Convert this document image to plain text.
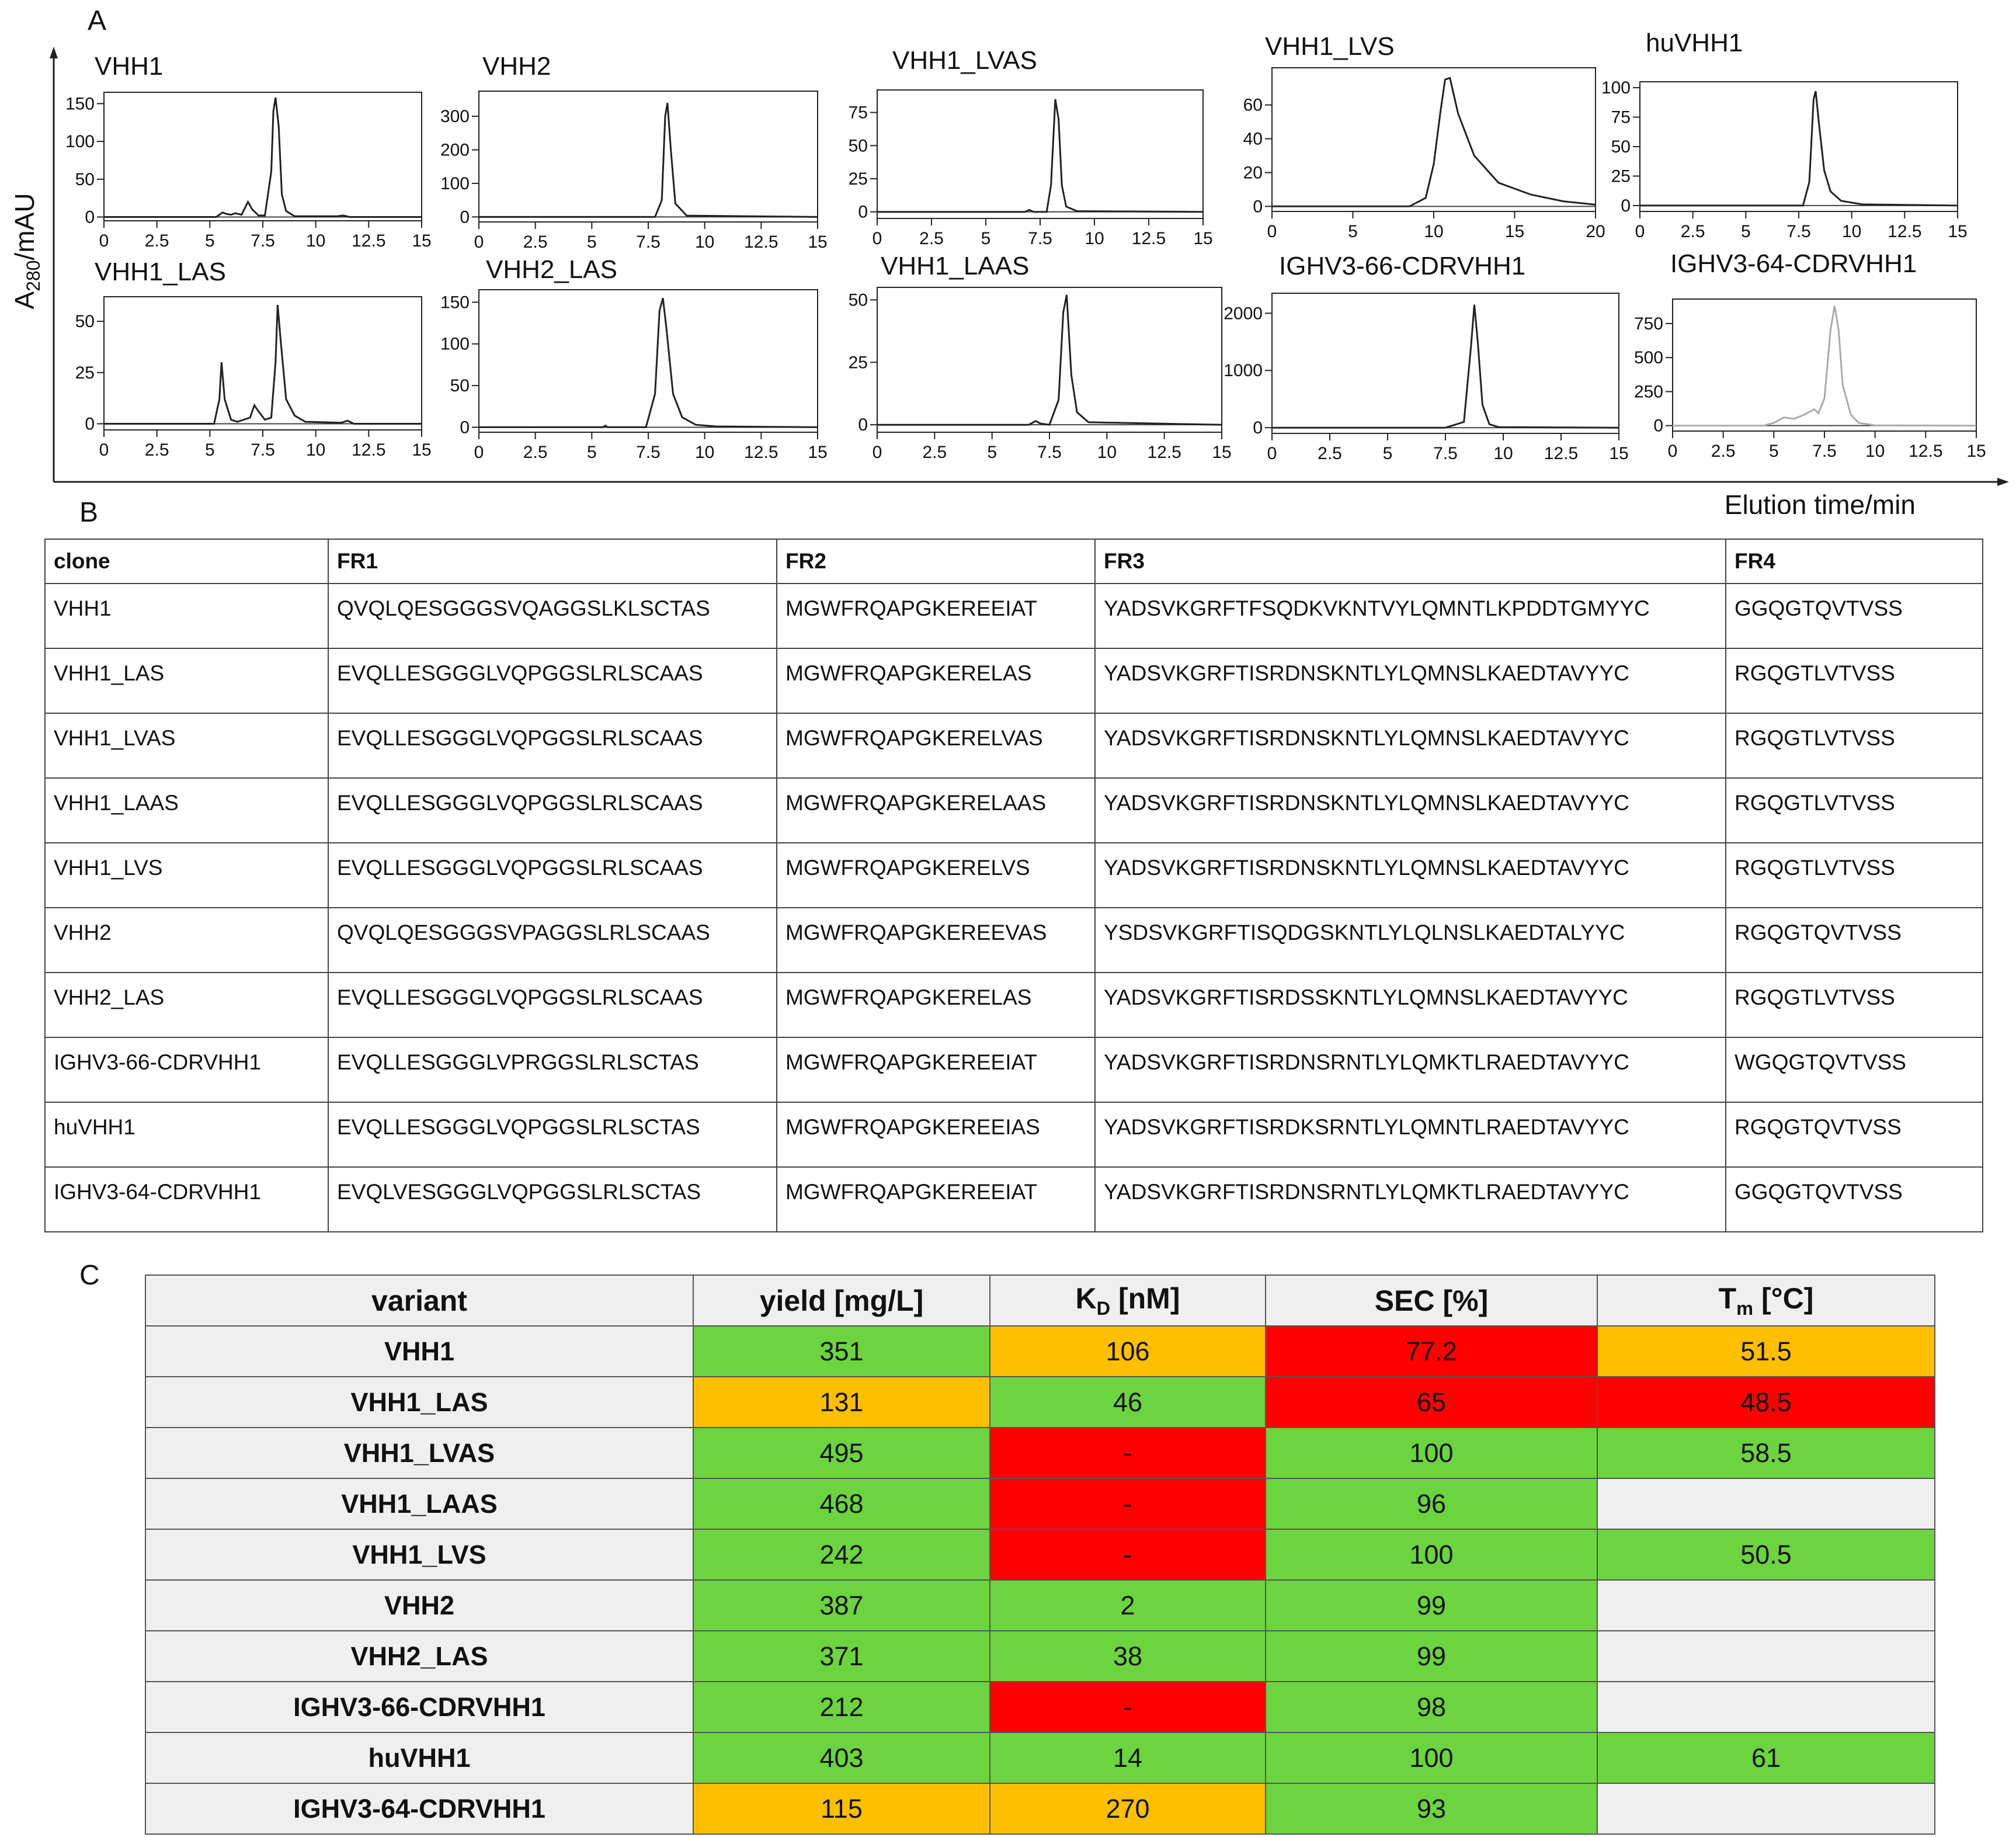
A
B
C
VHH1
0 2.5 5 7.5 10 12.5 15
0
50
100
150
VHH2
0 2.5 5 7.5 10 12.5 15
0
100
200
300
VHH1_LVAS
0 2.5 5 7.5 10 12.5 15
0
25
50
75
VHH1_LVS
0	5	10	15	20
0
20
40
60
huVHH1
0 2.5 5 7.5 10 12.5 15
0
25
50
75
100
VHH1_LAS
0 2.5 5 7.5 10 12.5 15
0
25
50
VHH2_LAS
0 2.5 5 7.5 10 12.5 15
0
50
100
150
VHH1_LAAS
0 2.5 5 7.5 10 12.5 15
0
25
50
IGHV3-66-CDRVHH1
0 2.5 5 7.5 10 12.5 15
0
1000
2000
IGHV3-64-CDRVHH1
0 2.5 5 7.5 10 12.5 15
0
250
500
750
$A_{280}$/mAU
Elution time/min
clone	FR1	FR2	FR3	FR4
VHH1	QVQLQESGGGSVQAGGSLKLSCTAS	MGWFRQAPGKEREEIAT	YADSVKGRFTFSQDKVKNTVYLQMNTLKPDDTGMYYC	GGQGTQVTVSS
VHH1_LAS	EVQLLESGGGLVQPGGSLRLSCAAS	MGWFRQAPGKERELAS	YADSVKGRFTISRDNSKNTLYLQMNSLKAEDTAVYYC	RGQGTLVTVSS
VHH1_LVAS	EVQLLESGGGLVQPGGSLRLSCAAS	MGWFRQAPGKERELVAS	YADSVKGRFTISRDNSKNTLYLQMNSLKAEDTAVYYC	RGQGTLVTVSS
VHH1_LAAS	EVQLLESGGGLVQPGGSLRLSCAAS	MGWFRQAPGKERELAAS	YADSVKGRFTISRDNSKNTLYLQMNSLKAEDTAVYYC	RGQGTLVTVSS
VHH1_LVS	EVQLLESGGGLVQPGGSLRLSCAAS	MGWFRQAPGKERELVS	YADSVKGRFTISRDNSKNTLYLQMNSLKAEDTAVYYC	RGQGTLVTVSS
VHH2	QVQLQESGGGSVPAGGSLRLSCAAS	MGWFRQAPGKEREEVAS	YSDSVKGRFTISQDGSKNTLYLQLNSLKAEDTALYYC	RGQGTQVTVSS
VHH2_LAS	EVQLLESGGGLVQPGGSLRLSCAAS	MGWFRQAPGKERELAS	YADSVKGRFTISRDSSKNTLYLQMNSLKAEDTAVYYC	RGQGTLVTVSS
IGHV3-66-CDRVHH1	EVQLLESGGGLVPRGGSLRLSCTAS	MGWFRQAPGKEREEIAT	YADSVKGRFTISRDNSRNTLYLQMKTLRAEDTAVYYC	WGQGTQVTVSS
huVHH1	EVQLLESGGGLVQPGGSLRLSCTAS	MGWFRQAPGKEREEIAS	YADSVKGRFTISRDKSRNTLYLQMNTLRAEDTAVYYC	RGQGTQVTVSS
IGHV3-64-CDRVHH1	EVQLVESGGGLVQPGGSLRLSCTAS	MGWFRQAPGKEREEIAT	YADSVKGRFTISRDNSRNTLYLQMKTLRAEDTAVYYC	GGQGTQVTVSS
variant	yield [mg/L]	$K_D$ [nM]	SEC [%]	$T_m$ [°C]
VHH1	351	106	77.2	51.5
VHH1_LAS	131	46	65	48.5
VHH1_LVAS	495	-	100	58.5
VHH1_LAAS	468	-	96	
VHH1_LVS	242	-	100	50.5
VHH2	387	2	99	
VHH2_LAS	371	38	99	
IGHV3-66-CDRVHH1	212	-	98	
huVHH1	403	14	100	61
IGHV3-64-CDRVHH1	115	270	93	
